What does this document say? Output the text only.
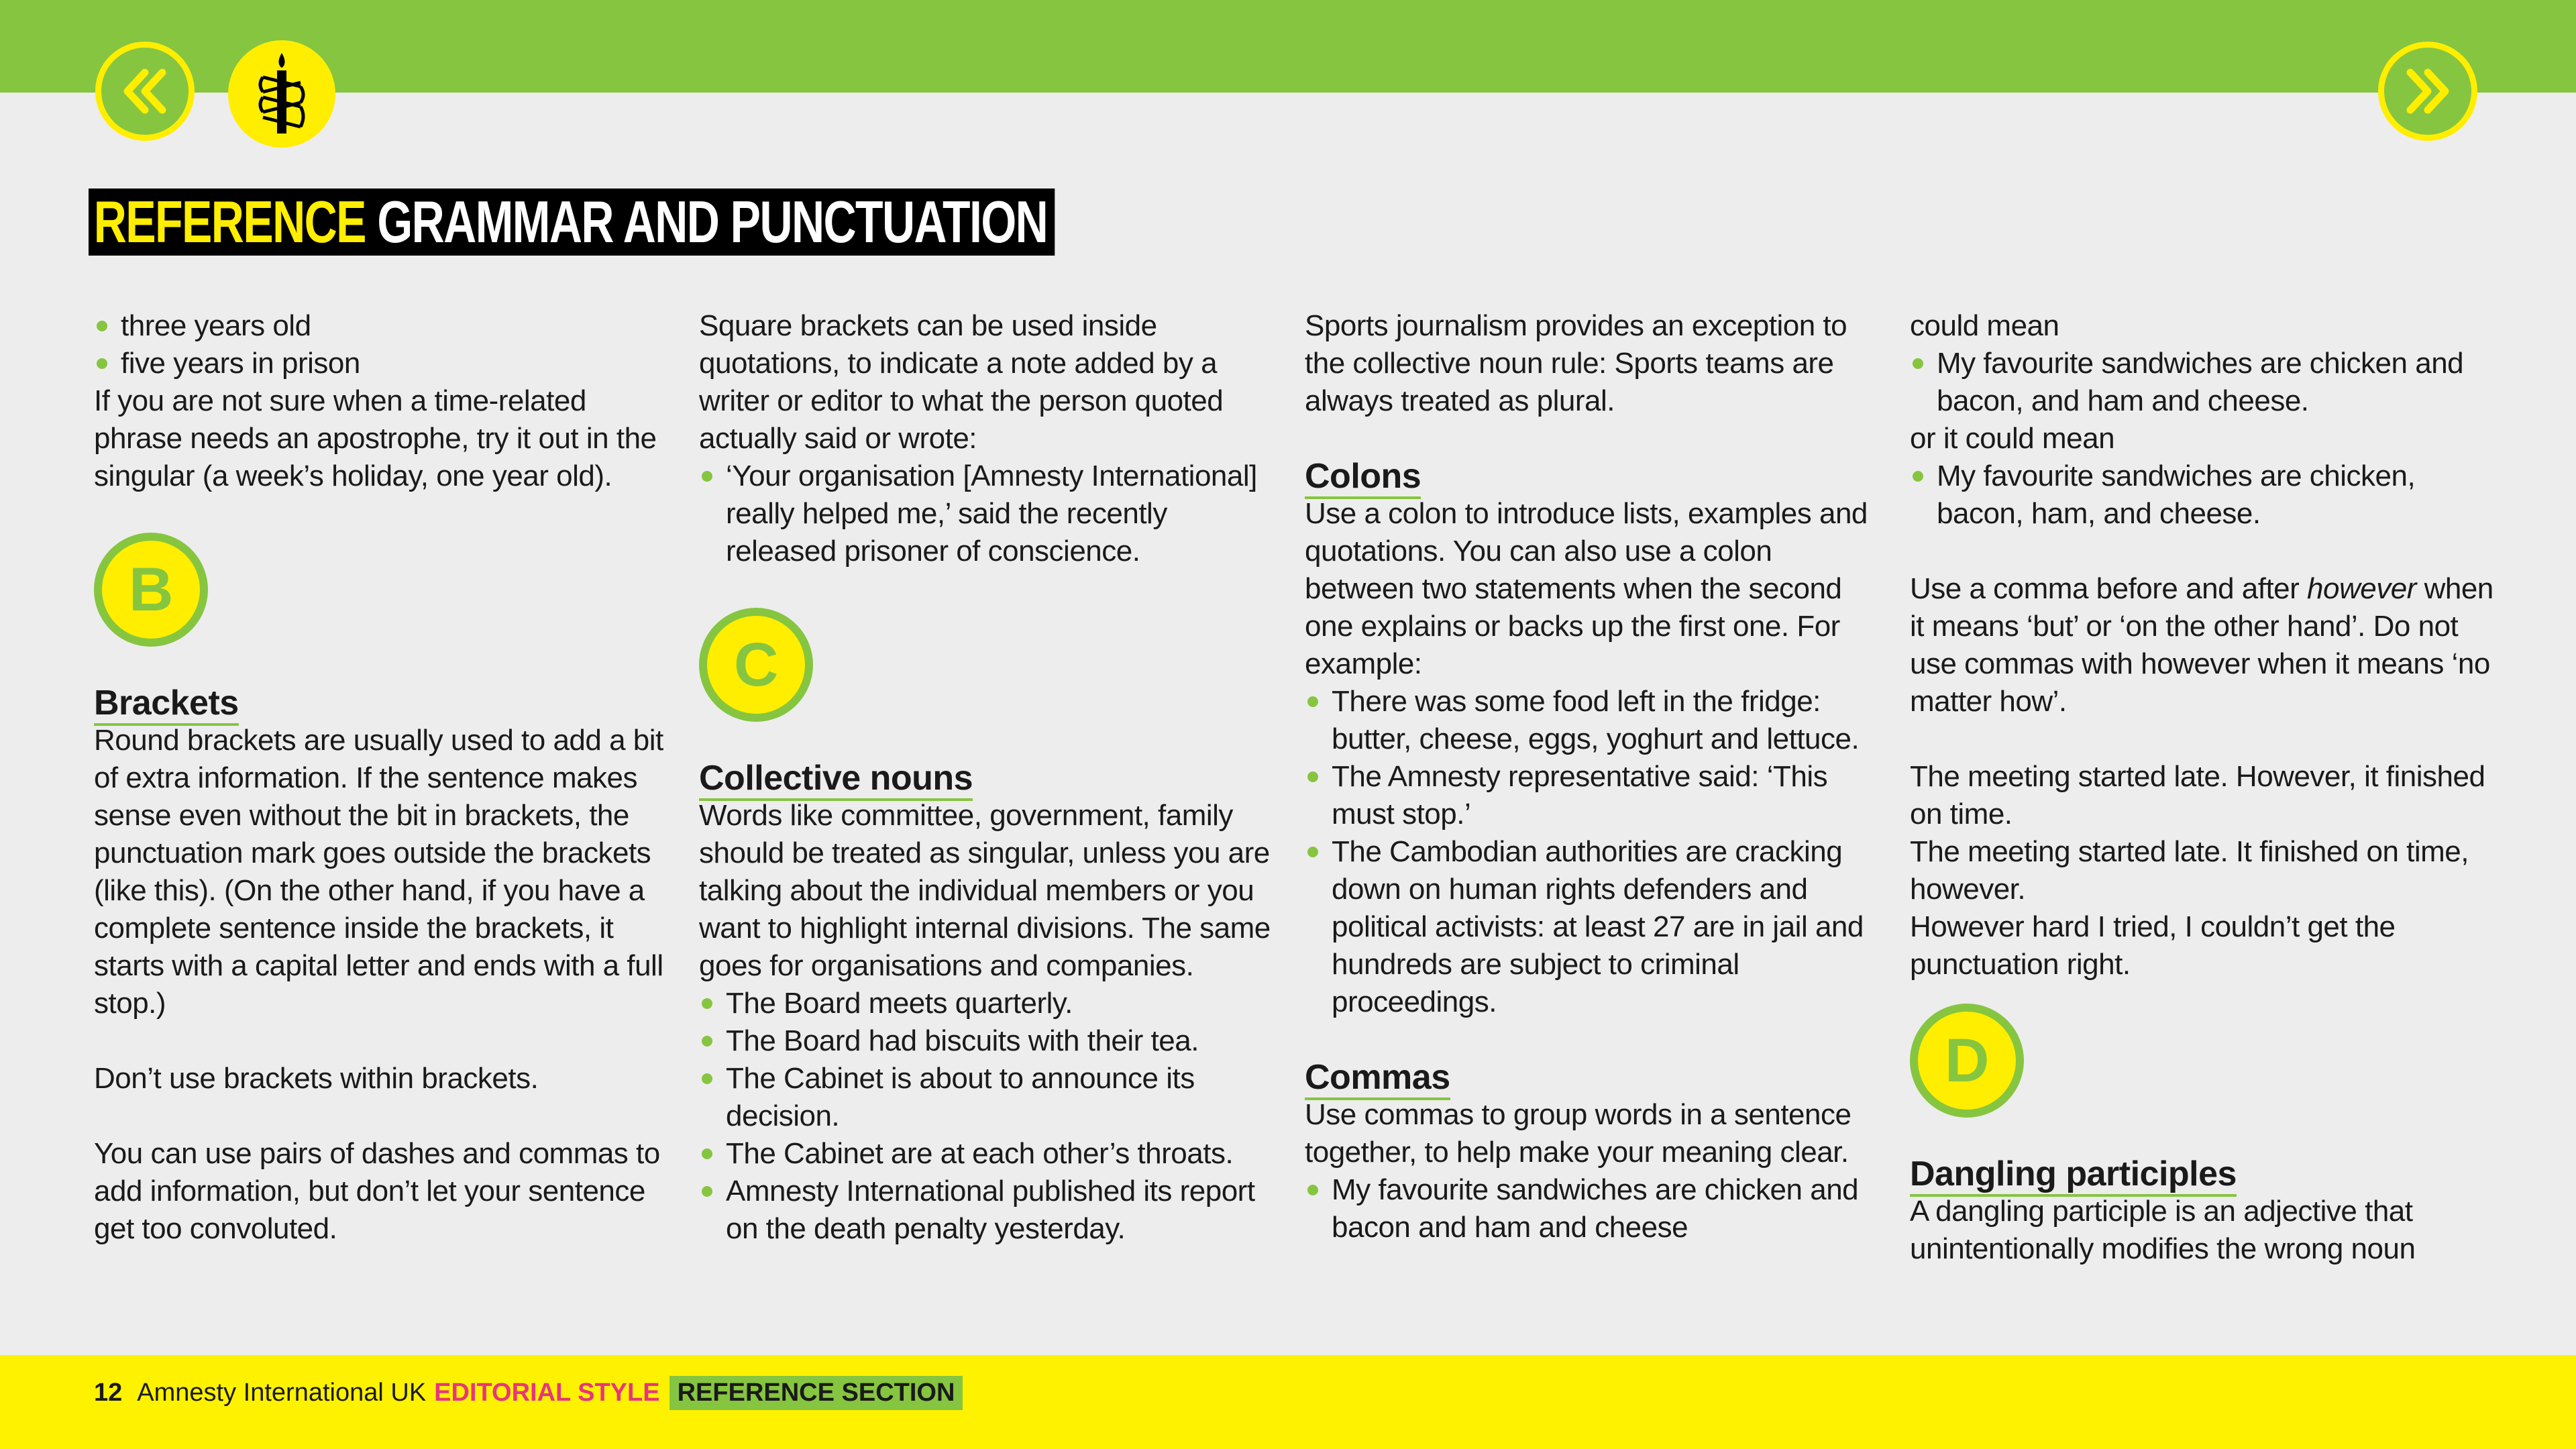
REFERENCE
GRAMMAR AND PUNCTUATION

three years old

five years in prison

If you are not sure when a time-related phrase needs an apostrophe, try it out in the singular (a week’s holiday, one year old).

B
Brackets

Round brackets are usually used to add a bit of extra information. If the sentence makes sense even without the bit in brackets, the punctuation mark goes outside the brackets (like this). (On the other hand, if you have a complete sentence inside the brackets, it starts with a capital letter and ends with a full stop.)

Don’t use brackets within brackets.

You can use pairs of dashes and commas to add information, but don’t let your sentence get too convoluted.

Square brackets can be used inside quotations, to indicate a note added by a writer or editor to what the person quoted actually said or wrote:

‘Your organisation [Amnesty International] really helped me,’ said the recently released prisoner of conscience.

C
Collective nouns

Words like committee, government, family should be treated as singular, unless you are talking about the individual members or you want to highlight internal divisions. The same goes for organisations and companies.

The Board meets quarterly.

The Board had biscuits with their tea.

The Cabinet is about to announce its decision.

The Cabinet are at each other’s throats.

Amnesty International published its report on the death penalty yesterday.

Sports journalism provides an exception to the collective noun rule: Sports teams are always treated as plural.

Colons

Use a colon to introduce lists, examples and quotations. You can also use a colon between two statements when the second one explains or backs up the first one. For example:

There was some food left in the fridge: butter, cheese, eggs, yoghurt and lettuce.

The Amnesty representative said: ‘This must stop.’

The Cambodian authorities are cracking down on human rights defenders and political activists: at least 27 are in jail and hundreds are subject to criminal proceedings.

Commas

Use commas to group words in a sentence together, to help make your meaning clear.

My favourite sandwiches are chicken and bacon and ham and cheese

could mean

My favourite sandwiches are chicken and bacon, and ham and cheese.

or it could mean

My favourite sandwiches are chicken, bacon, ham, and cheese.

Use a comma before and after however when it means ‘but’ or ‘on the other hand’. Do not use commas with however when it means ‘no matter how’.

The meeting started late. However, it finished on time.

The meeting started late. It finished on time, however.

However hard I tried, I couldn’t get the punctuation right.

D
Dangling participles

A dangling participle is an adjective that unintentionally modifies the wrong noun

12 Amnesty International UK EDITORIAL STYLE REFERENCE SECTION
